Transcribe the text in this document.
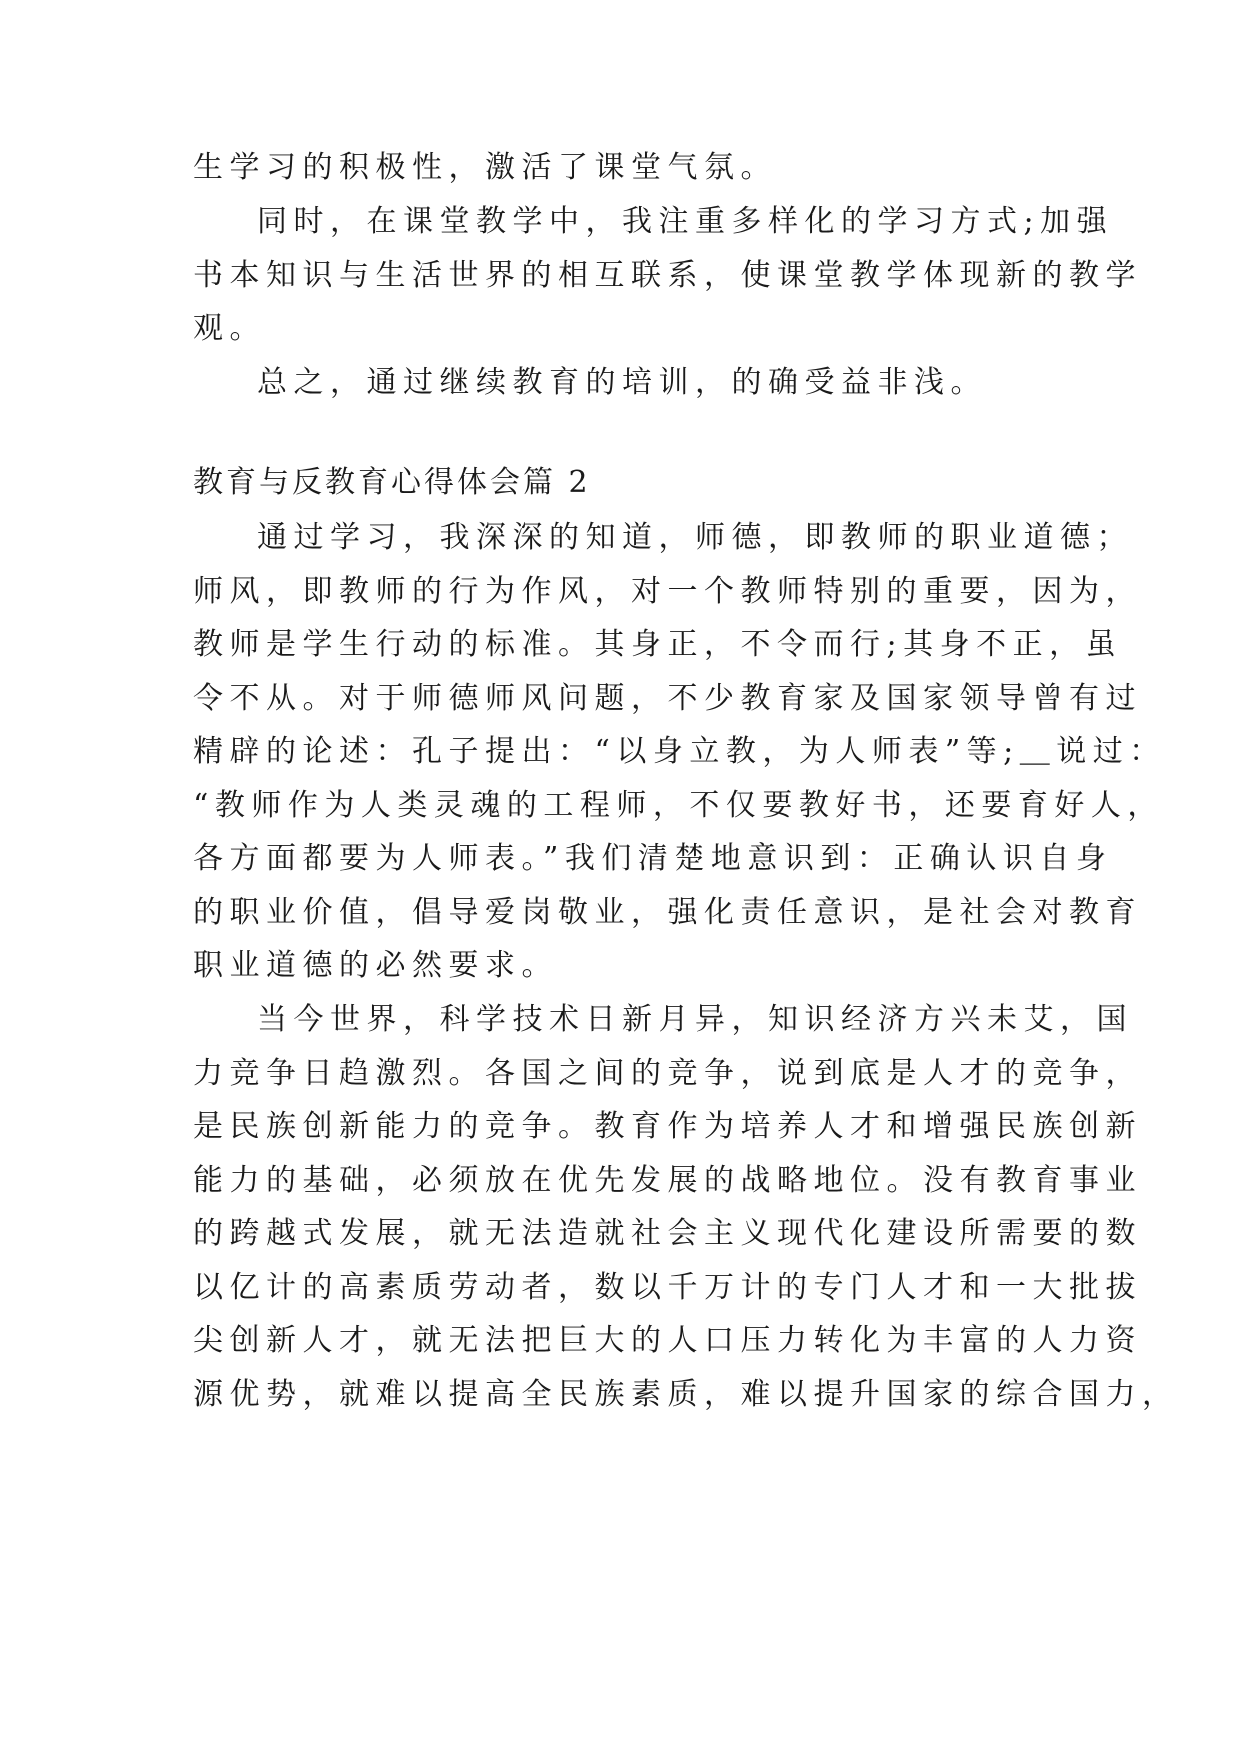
生学习的积极性，激活了课堂气氛。

同时，在课堂教学中，我注重多样化的学习方式;加强

书本知识与生活世界的相互联系，使课堂教学体现新的教学

观。

总之，通过继续教育的培训，的确受益非浅。

教育与反教育心得体会篇 2

通过学习，我深深的知道，师德，即教师的职业道德；

师风，即教师的行为作风，对一个教师特别的重要，因为，

教师是学生行动的标准。其身正，不令而行;其身不正，虽

令不从。对于师德师风问题，不少教育家及国家领导曾有过

精辟的论述：孔子提出：“以身立教，为人师表”等;＿说过：

“教师作为人类灵魂的工程师，不仅要教好书，还要育好人，

各方面都要为人师表。”我们清楚地意识到：正确认识自身

的职业价值，倡导爱岗敬业，强化责任意识，是社会对教育

职业道德的必然要求。

当今世界，科学技术日新月异，知识经济方兴未艾，国

力竞争日趋激烈。各国之间的竞争，说到底是人才的竞争，

是民族创新能力的竞争。教育作为培养人才和增强民族创新

能力的基础，必须放在优先发展的战略地位。没有教育事业

的跨越式发展，就无法造就社会主义现代化建设所需要的数

以亿计的高素质劳动者，数以千万计的专门人才和一大批拔

尖创新人才，就无法把巨大的人口压力转化为丰富的人力资

源优势，就难以提高全民族素质，难以提升国家的综合国力，
